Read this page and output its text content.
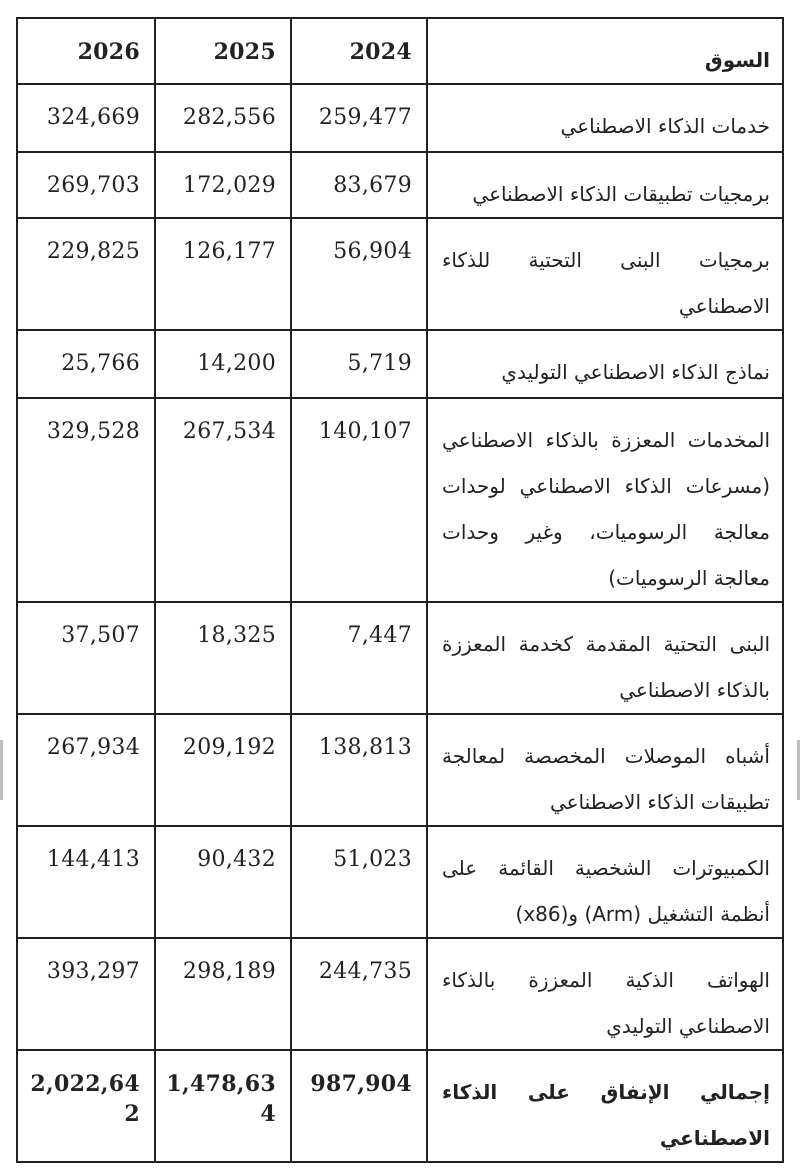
السوق	2024	2025	2026

خدمات الذكاء الاصطناعي	259,477	282,556	324,669

برمجيات تطبيقات الذكاء الاصطناعي	83,679	172,029	269,703

برمجيات البنى التحتية للذكاء الاصطناعي	56,904	126,177	229,825

نماذج الذكاء الاصطناعي التوليدي	5,719	14,200	25,766

المخدمات المعززة بالذكاء الاصطناعي (مسرعات الذكاء الاصطناعي لوحدات معالجة الرسوميات، وغير وحدات معالجة الرسوميات)	140,107	267,534	329,528

البنى التحتية المقدمة كخدمة المعززة بالذكاء الاصطناعي	7,447	18,325	37,507

أشباه الموصلات المخصصة لمعالجة تطبيقات الذكاء الاصطناعي	138,813	209,192	267,934

الكمبيوترات الشخصية القائمة على أنظمة التشغيل (Arm) و(x86)	51,023	90,432	144,413

الهواتف الذكية المعززة بالذكاء الاصطناعي التوليدي	244,735	298,189	393,297

إجمالي الإنفاق على الذكاء الاصطناعي	987,904	1,478,634	2,022,642
